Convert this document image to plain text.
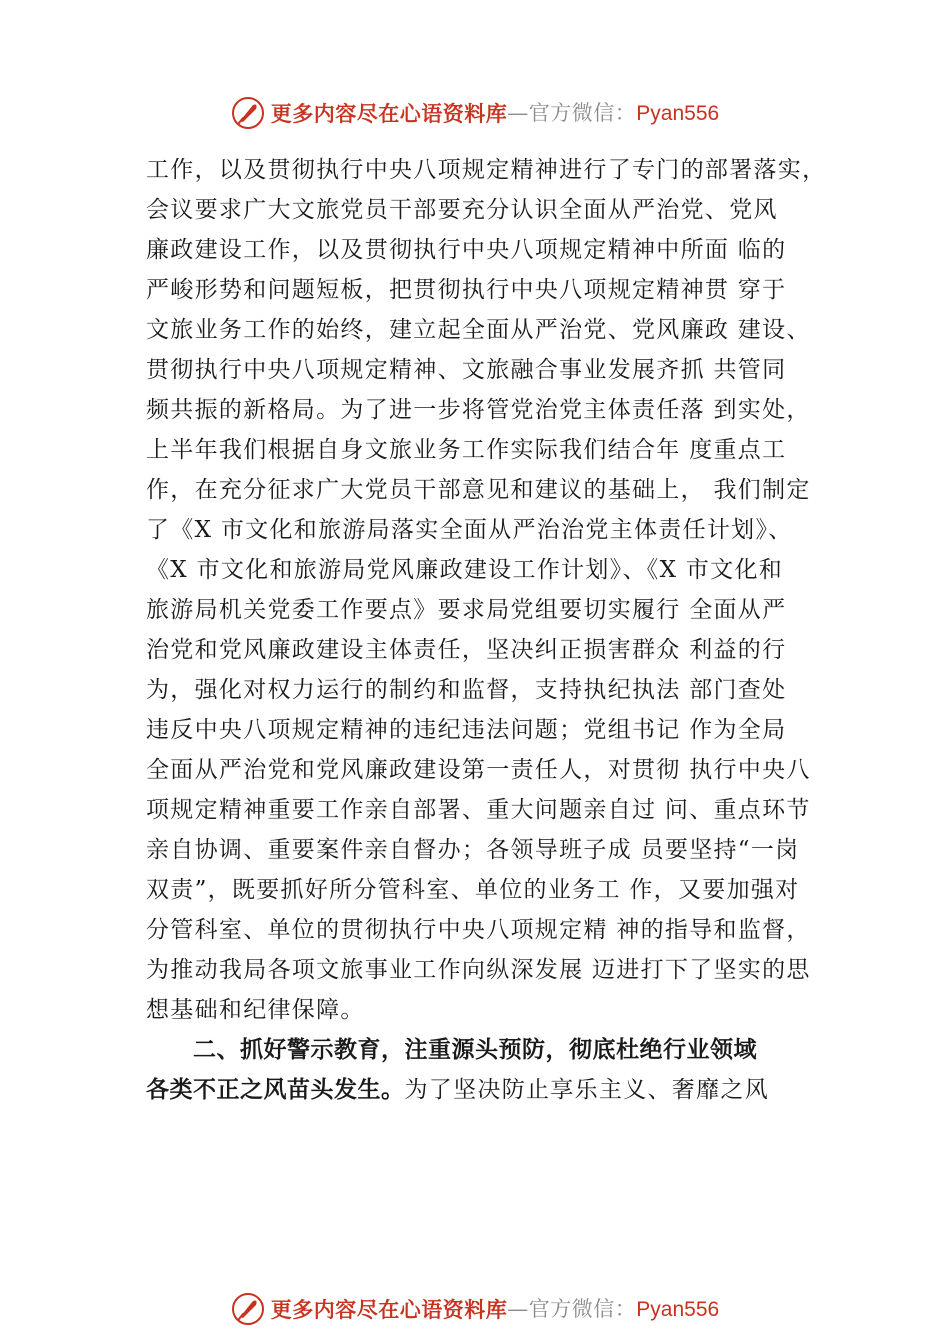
更多内容尽在心语资料库 —官方微信： Pyan556
工作，以及贯彻执行中央八项规定精神进行了专门的部署落实，
会议要求广大文旅党员干部要充分认识全面从严治党、党风
廉政建设工作，以及贯彻执行中央八项规定精神中所面 临的
严峻形势和问题短板，把贯彻执行中央八项规定精神贯 穿于
文旅业务工作的始终，建立起全面从严治党、党风廉政 建设、
贯彻执行中央八项规定精神、文旅融合事业发展齐抓 共管同
频共振的新格局。为了进一步将管党治党主体责任落 到实处，
上半年我们根据自身文旅业务工作实际我们结合年 度重点工
作，在充分征求广大党员干部意见和建议的基础上， 我们制定
了《X 市文化和旅游局落实全面从严治治党主体责任计划》、
《X 市文化和旅游局党风廉政建设工作计划》、《X 市文化和
旅游局机关党委工作要点》要求局党组要切实履行 全面从严
治党和党风廉政建设主体责任，坚决纠正损害群众 利益的行
为，强化对权力运行的制约和监督，支持执纪执法 部门查处
违反中央八项规定精神的违纪违法问题；党组书记 作为全局
全面从严治党和党风廉政建设第一责任人，对贯彻 执行中央八
项规定精神重要工作亲自部署、重大问题亲自过 问、重点环节
亲自协调、重要案件亲自督办；各领导班子成 员要坚持“一岗
双责”，既要抓好所分管科室、单位的业务工 作，又要加强对
分管科室、单位的贯彻执行中央八项规定精 神的指导和监督，
为推动我局各项文旅事业工作向纵深发展 迈进打下了坚实的思
想基础和纪律保障。
二、抓好警示教育，注重源头预防，彻底杜绝行业领域
各类不正之风苗头发生。为了坚决防止享乐主义、奢靡之风
更多内容尽在心语资料库 —官方微信： Pyan556
